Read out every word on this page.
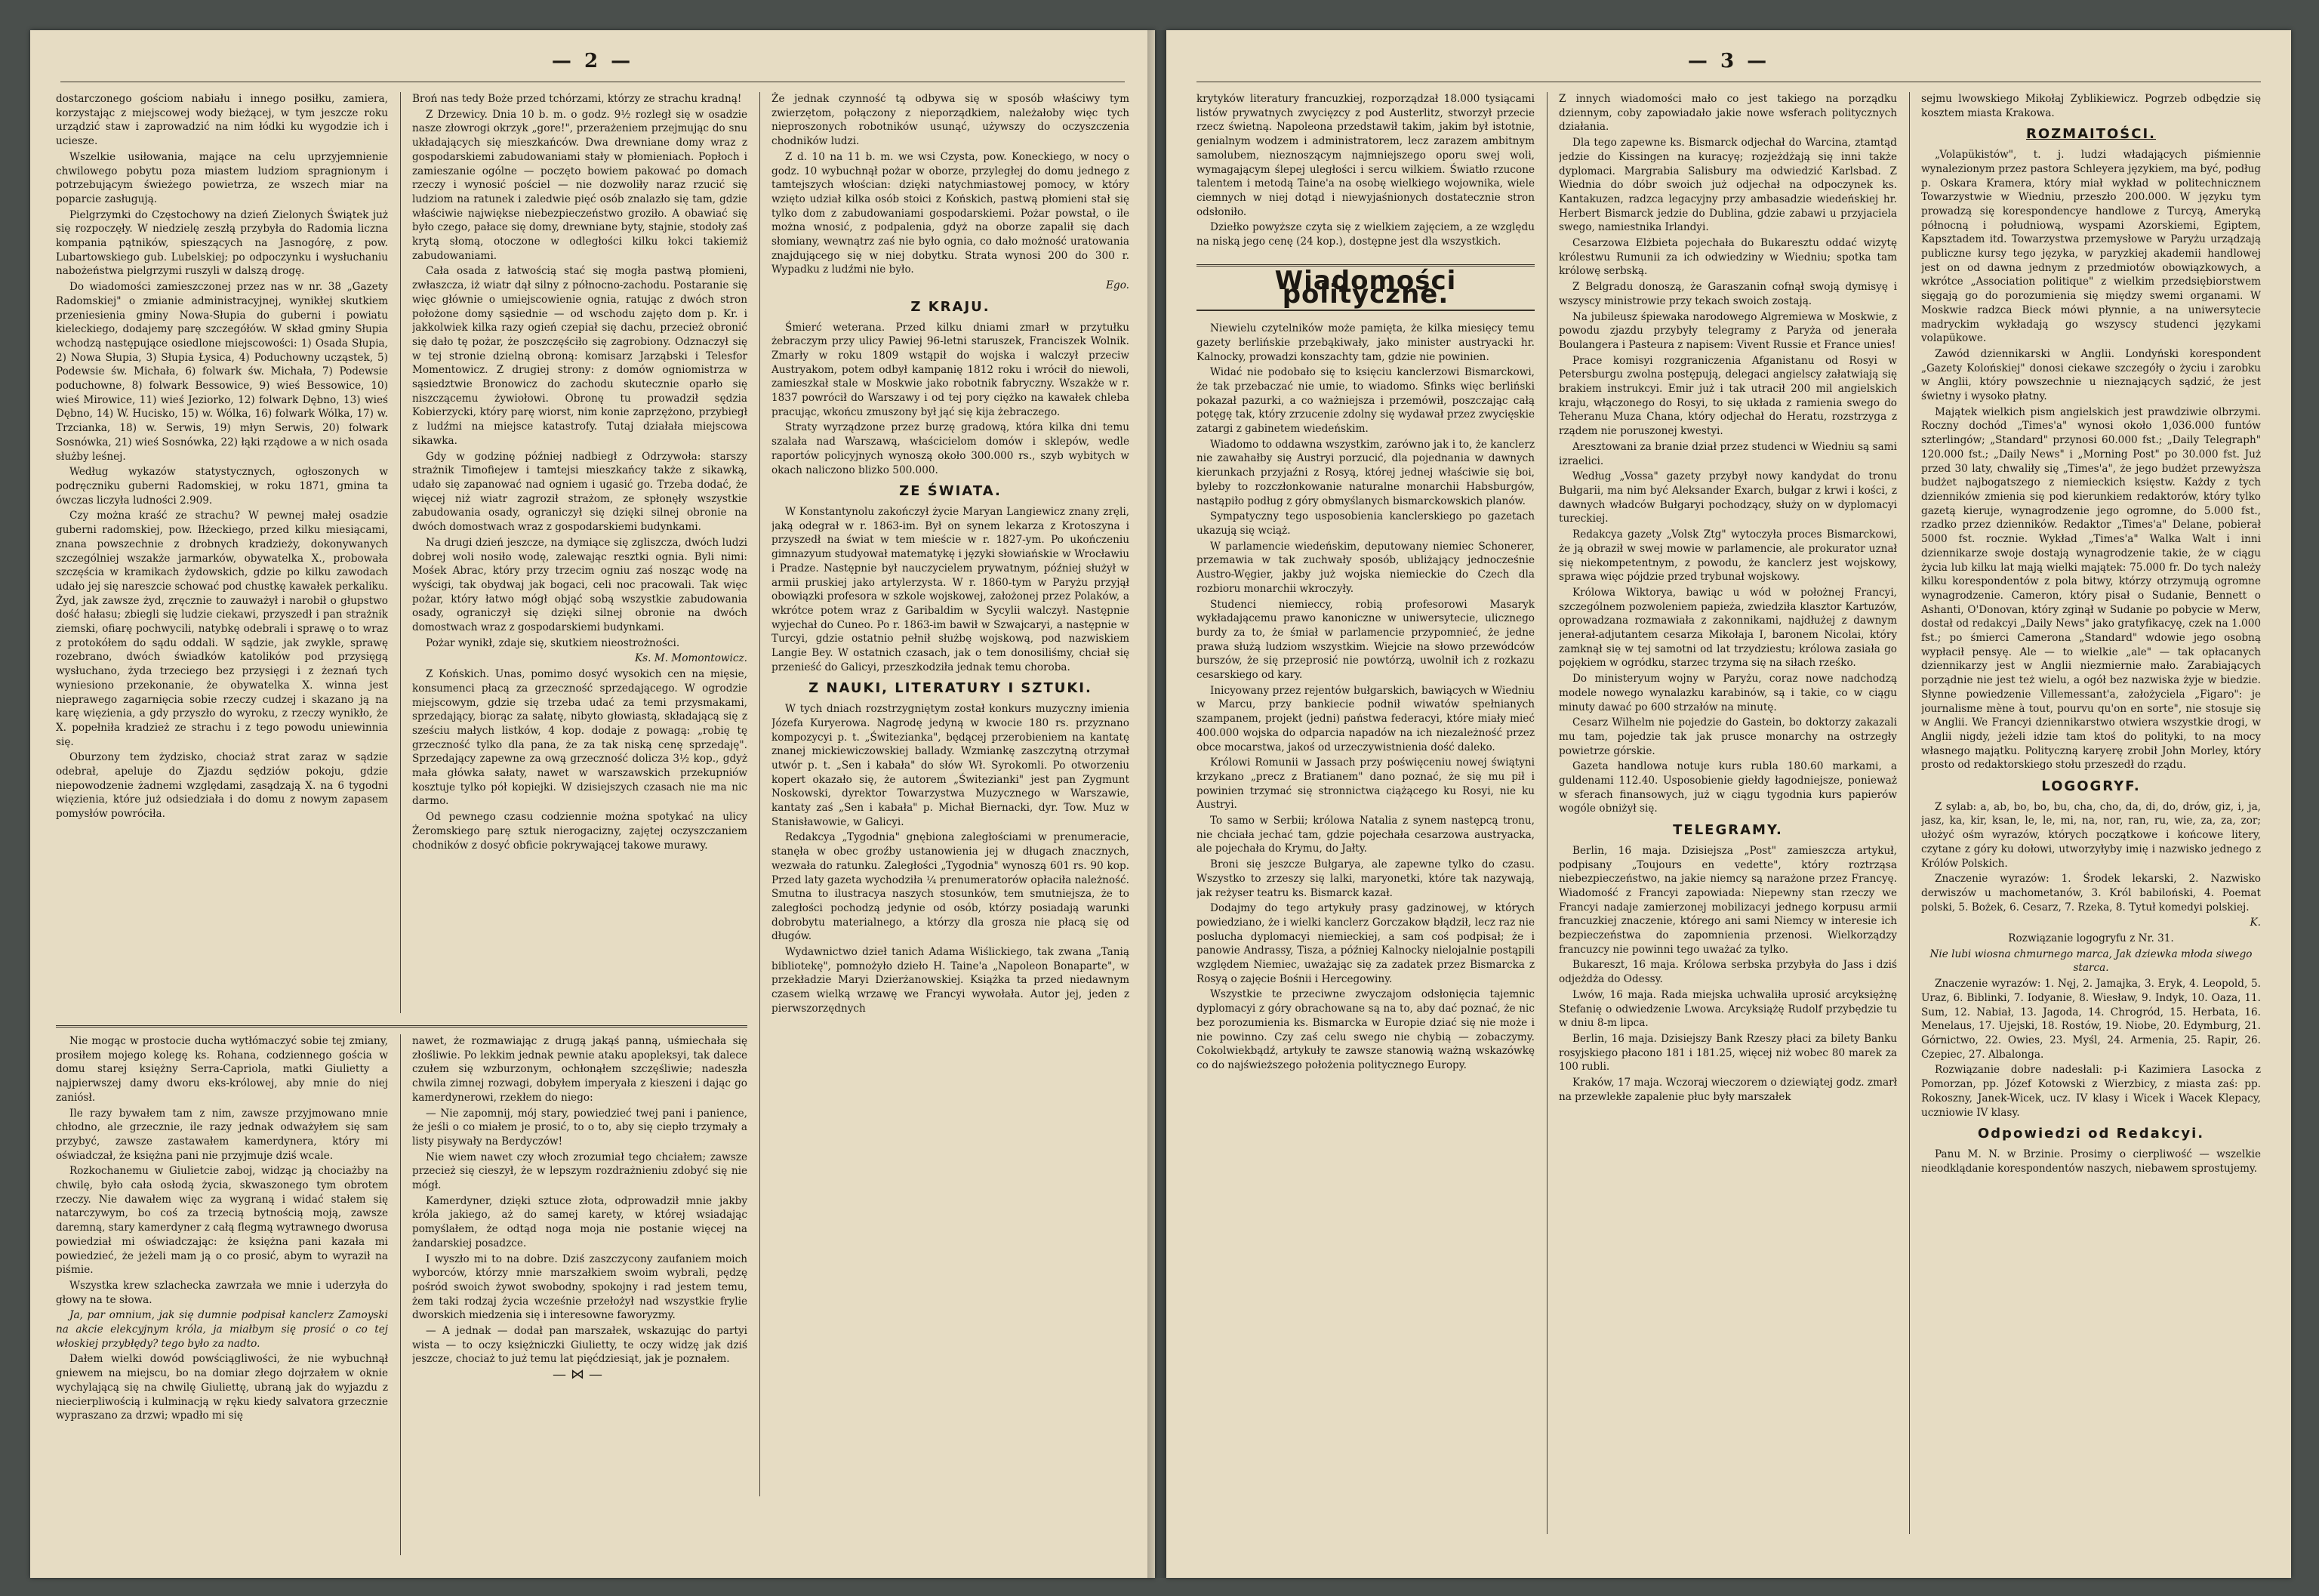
— 2 —

dostarczonego gościom nabiału i innego posiłku, zamiera, korzystając z miejscowej wody bieżącej, w tym jeszcze roku urządzić staw i zaprowadzić na nim łódki ku wygodzie ich i uciesze.

Wszelkie usiłowania, mające na celu uprzyjemnienie chwilowego pobytu poza miastem ludziom spragnionym i potrzebującym świeżego powietrza, ze wszech miar na poparcie zasługują.

Pielgrzymki do Częstochowy na dzień Zielonych Świątek już się rozpoczęły. W niedzielę zeszłą przybyła do Radomia liczna kompania pątników, spieszących na Jasnogórę, z pow. Lubartowskiego gub. Lubelskiej; po odpoczynku i wysłuchaniu nabożeństwa pielgrzymi ruszyli w dalszą drogę.

Do wiadomości zamieszczonej przez nas w nr. 38 „Gazety Radomskiej" o zmianie administracyjnej, wynikłej skutkiem przeniesienia gminy Nowa-Słupia do guberni i powiatu kieleckiego, dodajemy parę szczegółów. W skład gminy Słupia wchodzą następujące osiedlone miejscowości: 1) Osada Słupia, 2) Nowa Słupia, 3) Słupia Łysica, 4) Poduchowny ucząstek, 5) Podewsie św. Michała, 6) folwark św. Michała, 7) Podewsie poduchowne, 8) folwark Bessowice, 9) wieś Bessowice, 10) wieś Mirowice, 11) wieś Jeziorko, 12) folwark Dębno, 13) wieś Dębno, 14) W. Hucisko, 15) w. Wólka, 16) folwark Wólka, 17) w. Trzcianka, 18) w. Serwis, 19) młyn Serwis, 20) folwark Sosnówka, 21) wieś Sosnówka, 22) łąki rządowe a w nich osada służby leśnej.

Według wykazów statystycznych, ogłoszonych w podręczniku guberni Radomskiej, w roku 1871, gmina ta ówczas liczyła ludności 2.909.

Czy można kraść ze strachu? W pewnej małej osadzie guberni radomskiej, pow. Iłżeckiego, przed kilku miesiącami, znana powszechnie z drobnych kradzieży, dokonywanych szczególniej wszakże jarmarków, obywatelka X., probowała szczęścia w kramikach żydowskich, gdzie po kilku zawodach udało jej się nareszcie schować pod chustkę kawałek perkaliku. Żyd, jak zawsze żyd, zręcznie to zauważył i narobił o głupstwo dość hałasu; zbiegli się ludzie ciekawi, przyszedł i pan strażnik ziemski, ofiarę pochwycili, natybkę odebrali i sprawę o to wraz z protokółem do sądu oddali. W sądzie, jak zwykle, sprawę rozebrano, dwóch świadków katolików pod przysięgą wysłuchano, żyda trzeciego bez przysięgi i z żeznań tych wyniesiono przekonanie, że obywatelka X. winna jest nieprawego zagarnięcia sobie rzeczy cudzej i skazano ją na karę więzienia, a gdy przyszło do wyroku, z rzeczy wynikło, że X. popełniła kradzież ze strachu i z tego powodu uniewinnia się.

Oburzony tem żydzisko, chociaż strat zaraz w sądzie odebrał, apeluje do Zjazdu sędziów pokoju, gdzie niepowodzenie żadnemi względami, zasądzają X. na 6 tygodni więzienia, które już odsiedziała i do domu z nowym zapasem pomysłów powróciła.

Broń nas tedy Boże przed tchórzami, którzy ze strachu kradną!

Z Drzewicy. Dnia 10 b. m. o godz. 9½ rozległ się w osadzie nasze złowrogi okrzyk „gore!", przerażeniem przejmując do snu układających się mieszkańców. Dwa drewniane domy wraz z gospodarskiemi zabudowaniami stały w płomieniach. Popłoch i zamieszanie ogólne — poczęto bowiem pakować po domach rzeczy i wynosić pościel — nie dozwoliły naraz rzucić się ludziom na ratunek i zaledwie pięć osób znalazło się tam, gdzie właściwie najwiękse niebezpieczeństwo groziło. A obawiać się było czego, pałace się domy, drewniane byty, stajnie, stodoły zaś krytą słomą, otoczone w odległości kilku łokci takiemiż zabudowaniami.

Cała osada z łatwością stać się mogła pastwą płomieni, zwłaszcza, iż wiatr dął silny z północno-zachodu. Postaranie się więc głównie o umiejscowienie ognia, ratując z dwóch stron położone domy sąsiednie — od wschodu zajęto dom p. Kr. i jakkolwiek kilka razy ogień czepiał się dachu, przecież obronić się dało tę pożar, że poszczęściło się zagrobiony. Odznaczył się w tej stronie dzielną obroną: komisarz Jarząbski i Telesfor Momentowicz. Z drugiej strony: z domów ogniomistrza w sąsiedztwie Bronowicz do zachodu skutecznie oparło się niszczącemu żywiołowi. Obronę tu prowadził sędzia Kobierzycki, który parę wiorst, nim konie zaprzężono, przybiegł z ludźmi na miejsce katastrofy. Tutaj działała miejscowa sikawka.

Gdy w godzinę później nadbiegł z Odrzywoła: starszy strażnik Timofiejew i tamtejsi mieszkańcy także z sikawką, udało się zapanować nad ogniem i ugasić go. Trzeba dodać, że więcej niż wiatr zagroził strażom, ze spłonęły wszystkie zabudowania osady, ograniczył się dzięki silnej obronie na dwóch domostwach wraz z gospodarskiemi budynkami.

Na drugi dzień jeszcze, na dymiące się zgliszcza, dwóch ludzi dobrej woli nosiło wodę, zalewając resztki ognia. Byli nimi: Mośek Abrac, który przy trzecim ogniu zaś nosząc wodę na wyścigi, tak obydwaj jak bogaci, celi noc pracowali. Tak więc pożar, który łatwo mógł objąć sobą wszystkie zabudowania osady, ograniczył się dzięki silnej obronie na dwóch domostwach wraz z gospodarskiemi budynkami.

Pożar wynikł, zdaje się, skutkiem nieostrożności.

Ks. M. Momontowicz.

Z Końskich. Unas, pomimo dosyć wysokich cen na mięsie, konsumenci płacą za grzeczność sprzedającego. W ogrodzie miejscowym, gdzie się trzeba udać za temi przysmakami, sprzedający, biorąc za sałatę, nibyto głowiastą, składającą się z sześciu małych listków, 4 kop. dodaje z powagą: „robię tę grzeczność tylko dla pana, że za tak niską cenę sprzedaję". Sprzedający zapewne za ową grzeczność dolicza 3½ kop., gdyż mała główka sałaty, nawet w warszawskich przekupniów kosztuje tylko pół kopiejki. W dzisiejszych czasach nie ma nic darmo.

Od pewnego czasu codziennie można spotykać na ulicy Żeromskiego parę sztuk nierogacizny, zajętej oczyszczaniem chodników z dosyć obficie pokrywającej takowe murawy.

Że jednak czynność tą odbywa się w sposób właściwy tym zwierzętom, połączony z nieporządkiem, należałoby więc tych nieproszonych robotników usunąć, używszy do oczyszczenia chodników ludzi.

Z d. 10 na 11 b. m. we wsi Czysta, pow. Koneckiego, w nocy o godz. 10 wybuchnął pożar w oborze, przyległej do domu jednego z tamtejszych włościan: dzięki natychmiastowej pomocy, w który wzięto udział kilka osób stoici z Końskich, pastwą płomieni stał się tylko dom z zabudowaniami gospodarskiemi. Pożar powstał, o ile można wnosić, z podpalenia, gdyż na oborze zapalił się dach słomiany, wewnątrz zaś nie było ognia, co dało możność uratowania znajdującego się w niej dobytku. Strata wynosi 200 do 300 r. Wypadku z ludźmi nie było.

Ego.

Z KRAJU.

Śmierć weterana. Przed kilku dniami zmarł w przytułku żebraczym przy ulicy Pawiej 96-letni staruszek, Franciszek Wolnik. Zmarły w roku 1809 wstąpił do wojska i walczył przeciw Austryakom, potem odbył kampanię 1812 roku i wrócił do niewoli, zamieszkał stale w Moskwie jako robotnik fabryczny. Wszakże w r. 1837 powrócił do Warszawy i od tej pory ciężko na kawałek chleba pracując, wkońcu zmuszony był jąć się kija żebraczego.

Straty wyrządzone przez burzę gradową, która kilka dni temu szalała nad Warszawą, właścicielom domów i sklepów, wedle raportów policyjnych wynoszą około 300.000 rs., szyb wybitych w okach naliczono blizko 500.000.

ZE ŚWIATA.

W Konstantynolu zakończył życie Maryan Langiewicz znany zręli, jaką odegrał w r. 1863-im. Był on synem lekarza z Krotoszyna i przyszedł na świat w tem mieście w r. 1827-ym. Po ukończeniu gimnazyum studyował matematykę i języki słowiańskie w Wrocławiu i Pradze. Następnie był nauczycielem prywatnym, później służył w armii pruskiej jako artylerzysta. W r. 1860-tym w Paryżu przyjął obowiązki profesora w szkole wojskowej, założonej przez Polaków, a wkrótce potem wraz z Garibaldim w Sycylii walczył. Następnie wyjechał do Cuneo. Po r. 1863-im bawił w Szwajcaryi, a następnie w Turcyi, gdzie ostatnio pełnił służbę wojskową, pod nazwiskiem Langie Bey. W ostatnich czasach, jak o tem donosiliśmy, chciał się przenieść do Galicyi, przeszkodziła jednak temu choroba.

Z NAUKI, LITERATURY I SZTUKI.

W tych dniach rozstrzygniętym został konkurs muzyczny imienia Józefa Kuryerowa. Nagrodę jedyną w kwocie 180 rs. przyznano kompozycyi p. t. „Świtezianka", będącej przerobieniem na kantatę znanej mickiewiczowskiej ballady. Wzmiankę zaszczytną otrzymał utwór p. t. „Sen i kabała" do słów Wł. Syrokomli. Po otworzeniu kopert okazało się, że autorem „Świtezianki" jest pan Zygmunt Noskowski, dyrektor Towarzystwa Muzycznego w Warszawie, kantaty zaś „Sen i kabała" p. Michał Biernacki, dyr. Tow. Muz w Stanisławowie, w Galicyi.

Redakcya „Tygodnia" gnębiona zaległościami w prenumeracie, stanęła w obec groźby ustanowienia jej w długach znacznych, wezwała do ratunku. Zaległości „Tygodnia" wynoszą 601 rs. 90 kop. Przed laty gazeta wychodziła ¼ prenumeratorów opłaciła należność. Smutna to ilustracya naszych stosunków, tem smutniejsza, że to zaległości pochodzą jedynie od osób, którzy posiadają warunki dobrobytu materialnego, a którzy dla grosza nie płacą się od długów.

Wydawnictwo dzieł tanich Adama Wiślickiego, tak zwana „Tanią bibliotekę", pomnożyło dzieło H. Taine'a „Napoleon Bonaparte", w przekładzie Maryi Dzierżanowskiej. Książka ta przed niedawnym czasem wielką wrzawę we Francyi wywołała. Autor jej, jeden z pierwszorzędnych

Nie mogąc w prostocie ducha wytłómaczyć sobie tej zmiany, prosiłem mojego kolegę ks. Rohana, codziennego gościa w domu starej księżny Serra-Capriola, matki Giulietty a najpierwszej damy dworu eks-królowej, aby mnie do niej zaniósł.

Ile razy bywałem tam z nim, zawsze przyjmowano mnie chłodno, ale grzecznie, ile razy jednak odważyłem się sam przybyć, zawsze zastawałem kamerdynera, który mi oświadczał, że księżna pani nie przyjmuje dziś wcale.

Rozkochanemu w Giulietcie zaboj, widząc ją chociażby na chwilę, było cała osłodą życia, skwaszonego tym obrotem rzeczy. Nie dawałem więc za wygraną i widać stałem się natarczywym, bo coś za trzecią bytnością moją, zawsze daremną, stary kamerdyner z całą flegmą wytrawnego dworusa powiedział mi oświadczając: że księżna pani kazała mi powiedzieć, że jeżeli mam ją o co prosić, abym to wyraził na piśmie.

Wszystka krew szlachecka zawrzała we mnie i uderzyła do głowy na te słowa.

Ja, par omnium, jak się dumnie podpisał kanclerz Zamoyski na akcie elekcyjnym króla, ja miałbym się prosić o co tej włoskiej przybłędy? tego było za nadto.

Dałem wielki dowód powściągliwości, że nie wybuchnął gniewem na miejscu, bo na domiar złego dojrzałem w oknie wychylającą się na chwilę Giuliettę, ubraną jak do wyjazdu z niecierpliwością i kulminacją w ręku kiedy salvatora grzecznie wypraszano za drzwi; wpadło mi się

nawet, że rozmawiając z drugą jakąś panną, uśmiechała się złośliwie. Po lekkim jednak pewnie ataku apopleksyi, tak dalece czułem się wzburzonym, ochłonąłem szczęśliwie; nadeszła chwila zimnej rozwagi, dobyłem imperyała z kieszeni i dając go kamerdynerowi, rzekłem do niego:

— Nie zapomnij, mój stary, powiedzieć twej pani i panience, że jeśli o co miałem je prosić, to o to, aby się ciepło trzymały a listy pisywały na Berdyczów!

Nie wiem nawet czy włoch zrozumiał tego chciałem; zawsze przecież się cieszył, że w lepszym rozdrażnieniu zdobyć się nie mógł.

Kamerdyner, dzięki sztuce złota, odprowadził mnie jakby króla jakiego, aż do samej karety, w której wsiadając pomyślałem, że odtąd noga moja nie postanie więcej na żandarskiej posadzce.

I wyszło mi to na dobre. Dziś zaszczycony zaufaniem moich wyborców, którzy mnie marszałkiem swoim wybrali, pędzę pośród swoich żywot swobodny, spokojny i rad jestem temu, żem taki rodzaj życia wcześnie przełożył nad wszystkie frylie dworskich miedzenia się i interesowne faworyzmy.

— A jednak — dodał pan marszałek, wskazując do partyi wista — to oczy księżniczki Giulietty, te oczy widzę jak dziś jeszcze, chociaż to już temu lat pięćdziesiąt, jak je poznałem.

—⋈—

— 3 —

krytyków literatury francuzkiej, rozporządzał 18.000 tysiącami listów prywatnych zwycięzcy z pod Austerlitz, stworzył przecie rzecz świetną. Napoleona przedstawił takim, jakim był istotnie, genialnym wodzem i administratorem, lecz zarazem ambitnym samolubem, nieznoszącym najmniejszego oporu swej woli, wymagającym ślepej uległości i sercu wilkiem. Światło rzucone talentem i metodą Taine'a na osobę wielkiego wojownika, wiele ciemnych w niej dotąd i niewyjaśnionych dostatecznie stron odsłoniło.

Dziełko powyższe czyta się z wielkiem zajęciem, a ze względu na niską jego cenę (24 kop.), dostępne jest dla wszystkich.

Wiadomości polityczne.

Niewielu czytelników może pamięta, że kilka miesięcy temu gazety berlińskie przebąkiwały, jako minister austryacki hr. Kalnocky, prowadzi konszachty tam, gdzie nie powinien.

Widać nie podobało się to księciu kanclerzowi Bismarckowi, że tak przebaczać nie umie, to wiadomo. Sfinks więc berliński pokazał pazurki, a co ważniejsza i przemówił, poszczając całą potęgę tak, który zrzucenie zdolny się wydawał przez zwycięskie zatargi z gabinetem wiedeńskim.

Wiadomo to oddawna wszystkim, zarówno jak i to, że kanclerz nie zawahałby się Austryi porzucić, dla pojednania w dawnych kierunkach przyjaźni z Rosyą, której jednej właściwie się boi, byleby to rozczłonkowanie naturalne monarchii Habsburgów, nastąpiło podług z góry obmyślanych bismarckowskich planów.

Sympatyczny tego usposobienia kanclerskiego po gazetach ukazują się wciąż.

W parlamencie wiedeńskim, deputowany niemiec Schonerer, przemawia w tak zuchwały sposób, ubliżający jednocześnie Austro-Węgier, jakby już wojska niemieckie do Czech dla rozbioru monarchii wkroczyły.

Studenci niemieccy, robią profesorowi Masaryk wykładającemu prawo kanoniczne w uniwersytecie, ulicznego burdy za to, że śmiał w parlamencie przypomnieć, że jedne prawa służą ludziom wszystkim. Wiejcie na słowo przewódców burszów, że się przeprosić nie powtórzą, uwolnił ich z rozkazu cesarskiego od kary.

Inicyowany przez rejentów bułgarskich, bawiących w Wiedniu w Marcu, przy bankiecie podnił wiwatów spełnianych szampanem, projekt (jedni) państwa federacyi, które miały mieć 400.000 wojska do odparcia napadów na ich niezależność przez obce mocarstwa, jakoś od urzeczywistnienia dość daleko.

Królowi Romunii w Jassach przy poświęceniu nowej świątyni krzykano „precz z Bratianem" dano poznać, że się mu pił i powinien trzymać się stronnictwa ciążącego ku Rosyi, nie ku Austryi.

To samo w Serbii; królowa Natalia z synem następcą tronu, nie chciała jechać tam, gdzie pojechała cesarzowa austryacka, ale pojechała do Krymu, do Jałty.

Broni się jeszcze Bułgarya, ale zapewne tylko do czasu. Wszystko to zrzeszy się lalki, maryonetki, które tak nazywają, jak reżyser teatru ks. Bismarck kazał.

Dodajmy do tego artykuły prasy gadzinowej, w których powiedziano, że i wielki kanclerz Gorczakow błądził, lecz raz nie poslucha dyplomacyi niemieckiej, a sam coś podpisał; że i panowie Andrassy, Tisza, a później Kalnocky nielojalnie postąpili względem Niemiec, uważając się za zadatek przez Bismarcka z Rosyą o zajęcie Bośnii i Hercegowiny.

Wszystkie te przeciwne zwyczajom odsłonięcia tajemnic dyplomacyi z góry obrachowane są na to, aby dać poznać, że nic bez porozumienia ks. Bismarcka w Europie dziać się nie może i nie powinno. Czy zaś celu swego nie chybią — zobaczymy. Cokolwiekbądź, artykuły te zawsze stanowią ważną wskazówkę co do najświeższego położenia politycznego Europy.

Z innych wiadomości mało co jest takiego na porządku dziennym, coby zapowiadało jakie nowe wsferach politycznych działania.

Dla tego zapewne ks. Bismarck odjechał do Warcina, ztamtąd jedzie do Kissingen na kuracyę; rozjeżdżają się inni także dyplomaci. Margrabia Salisbury ma odwiedzić Karlsbad. Z Wiednia do dóbr swoich już odjechał na odpoczynek ks. Kantakuzen, radzca legacyjny przy ambasadzie wiedeńskiej hr. Herbert Bismarck jedzie do Dublina, gdzie zabawi u przyjaciela swego, namiestnika Irlandyi.

Cesarzowa Elżbieta pojechała do Bukaresztu oddać wizytę królestwu Rumunii za ich odwiedziny w Wiedniu; spotka tam królowę serbską.

Z Belgradu donoszą, że Garaszanin cofnął swoją dymisyę i wszyscy ministrowie przy tekach swoich zostają.

Na jubileusz śpiewaka narodowego Algremiewa w Moskwie, z powodu zjazdu przybyły telegramy z Paryża od jenerała Boulangera i Pasteura z napisem: Vivent Russie et France unies!

Prace komisyi rozgraniczenia Afganistanu od Rosyi w Petersburgu zwolna postępują, delegaci angielscy załatwiają się brakiem instrukcyi. Emir już i tak utracił 200 mil angielskich kraju, włączonego do Rosyi, to się układa z ramienia swego do Teheranu Muza Chana, który odjechał do Heratu, rozstrzyga z rządem nie poruszonej kwestyi.

Aresztowani za branie dział przez studenci w Wiedniu są sami izraelici.

Według „Vossa" gazety przybył nowy kandydat do tronu Bułgarii, ma nim być Aleksander Exarch, bułgar z krwi i kości, z dawnych władców Bułgaryi pochodzący, służy on w dyplomacyi tureckiej.

Redakcya gazety „Volsk Ztg" wytoczyła proces Bismarckowi, że ją obraził w swej mowie w parlamencie, ale prokurator uznał się niekompetentnym, z powodu, że kanclerz jest wojskowy, sprawa więc pójdzie przed trybunał wojskowy.

Królowa Wiktorya, bawiąc u wód w położnej Francyi, szczególnem pozwoleniem papieża, zwiedziła klasztor Kartuzów, oprowadzana rozmawiała z zakonnikami, najdłużej z dawnym jenerał-adjutantem cesarza Mikołaja I, baronem Nicolai, który zamknął się w tej samotni od lat trzydziestu; królowa zasiała go pojękiem w ogródku, starzec trzyma się na siłach rześko.

Do ministeryum wojny w Paryżu, coraz nowe nadchodzą modele nowego wynalazku karabinów, są i takie, co w ciągu minuty dawać po 600 strzałów na minutę.

Cesarz Wilhelm nie pojedzie do Gastein, bo doktorzy zakazali mu tam, pojedzie tak jak prusce monarchy na ostrzegły powietrze górskie.

Gazeta handlowa notuje kurs rubla 180.60 markami, a guldenami 112.40. Usposobienie giełdy łagodniejsze, ponieważ w sferach finansowych, już w ciągu tygodnia kurs papierów wogóle obniżył się.

TELEGRAMY.

Berlin, 16 maja. Dzisiejsza „Post" zamieszcza artykuł, podpisany „Toujours en vedette", który roztrząsa niebezpieczeństwo, na jakie niemcy są narażone przez Francyę. Wiadomość z Francyi zapowiada: Niepewny stan rzeczy we Francyi nadaje zamierzonej mobilizacyi jednego korpusu armii francuzkiej znaczenie, którego ani sami Niemcy w interesie ich bezpieczeństwa do zapomnienia przenosi. Wielkorządzy francuzcy nie powinni tego uważać za tylko.

Bukareszt, 16 maja. Królowa serbska przybyła do Jass i dziś odjeżdża do Odessy.

Lwów, 16 maja. Rada miejska uchwaliła uprosić arcyksiężnę Stefanię o odwiedzenie Lwowa. Arcyksiążę Rudolf przybędzie tu w dniu 8-m lipca.

Berlin, 16 maja. Dzisiejszy Bank Rzeszy płaci za bilety Banku rosyjskiego płacono 181 i 181.25, więcej niż wobec 80 marek za 100 rubli.

Kraków, 17 maja. Wczoraj wieczorem o dziewiątej godz. zmarł na przewlekłe zapalenie płuc były marszałek

sejmu lwowskiego Mikołaj Zyblikiewicz. Pogrzeb odbędzie się kosztem miasta Krakowa.

ROZMAITOŚCI.

„Volapükistów", t. j. ludzi władających piśmiennie wynalezionym przez pastora Schleyera językiem, ma być, podług p. Oskara Kramera, który miał wykład w politechnicznem Towarzystwie w Wiedniu, przeszło 200.000. W języku tym prowadzą się korespondencye handlowe z Turcyą, Ameryką północną i południową, wyspami Azorskiemi, Egiptem, Kapsztadem itd. Towarzystwa przemysłowe w Paryżu urządzają publiczne kursy tego języka, w paryzkiej akademii handlowej jest on od dawna jednym z przedmiotów obowiązkowych, a wkrótce „Association politique" z wielkim przedsiębiorstwem sięgają go do porozumienia się między swemi organami. W Moskwie radzca Bieck mówi płynnie, a na uniwersytecie madryckim wykładają go wszyscy studenci językami volapükowe.

Zawód dziennikarski w Anglii. Londyński korespondent „Gazety Kolońskiej" donosi ciekawe szczegóły o życiu i zarobku w Anglii, który powszechnie u nieznających sądzić, że jest świetny i wysoko płatny.

Majątek wielkich pism angielskich jest prawdziwie olbrzymi. Roczny dochód „Times'a" wynosi około 1,036.000 funtów szterlingów; „Standard" przynosi 60.000 fst.; „Daily Telegraph" 120.000 fst.; „Daily News" i „Morning Post" po 30.000 fst. Już przed 30 laty, chwaliły się „Times'a", że jego budżet przewyższa budżet najbogatszego z niemieckich księstw. Każdy z tych dzienników zmienia się pod kierunkiem redaktorów, który tylko gazetą kieruje, wynagrodzenie jego ogromne, do 5.000 fst., rzadko przez dzienników. Redaktor „Times'a" Delane, pobierał 5000 fst. rocznie. Wykład „Times'a" Walka Walt i inni dziennikarze swoje dostają wynagrodzenie takie, że w ciągu życia lub kilku lat mają wielki majątek: 75.000 fr. Do tych należy kilku korespondentów z pola bitwy, którzy otrzymują ogromne wynagrodzenie. Cameron, który pisał o Sudanie, Bennett o Ashanti, O'Donovan, który zginął w Sudanie po pobycie w Merw, dostał od redakcyi „Daily News" jako gratyfikacyę, czek na 1.000 fst.; po śmierci Camerona „Standard" wdowie jego osobną wypłacił pensyę. Ale — to wielkie „ale" — tak opłacanych dziennikarzy jest w Anglii niezmiernie mało. Zarabiających porządnie nie jest też wielu, a ogół bez nazwiska żyje w biedzie. Słynne powiedzenie Villemessant'a, założyciela „Figaro": je journalisme mène à tout, pourvu qu'on en sorte", nie stosuje się w Anglii. We Francyi dziennikarstwo otwiera wszystkie drogi, w Anglii nigdy, jeżeli idzie tam ktoś do polityki, to na mocy własnego majątku. Polityczną karyerę zrobił John Morley, który prosto od redaktorskiego stołu przeszedł do rządu.

LOGOGRYF.

Z sylab: a, ab, bo, bo, bu, cha, cho, da, di, do, drów, giz, i, ja, jasz, ka, kir, ksan, le, le, mi, na, nor, ran, ru, wie, za, za, zor; ułożyć ośm wyrazów, których początkowe i końcowe litery, czytane z góry ku dołowi, utworzyłyby imię i nazwisko jednego z Królów Polskich.

Znaczenie wyrazów: 1. Środek lekarski, 2. Nazwisko derwiszów u machometanów, 3. Król babiloński, 4. Poemat polski, 5. Bożek, 6. Cesarz, 7. Rzeka, 8. Tytuł komedyi polskiej.

K.

Rozwiązanie logogryfu z Nr. 31.

Nie lubi wiosna chmurnego marca, Jak dziewka młoda siwego starca.

Znaczenie wyrazów: 1. Nęj, 2. Jamajka, 3. Eryk, 4. Leopold, 5. Uraz, 6. Biblinki, 7. Iodyanie, 8. Wiesław, 9. Indyk, 10. Oaza, 11. Sum, 12. Nabiał, 13. Jagoda, 14. Chrogród, 15. Herbata, 16. Menelaus, 17. Ujejski, 18. Rostów, 19. Niobe, 20. Edymburg, 21. Górnictwo, 22. Owies, 23. Myśl, 24. Armenia, 25. Rapir, 26. Czepiec, 27. Albalonga.

Rozwiązanie dobre nadesłali: p-i Kazimiera Lasocka z Pomorzan, pp. Józef Kotowski z Wierzbicy, z miasta zaś: pp. Rokoszny, Janek-Wicek, ucz. IV klasy i Wicek i Wacek Klepacy, uczniowie IV klasy.

Odpowiedzi od Redakcyi.

Panu M. N. w Brzinie. Prosimy o cierpliwość — wszelkie nieodklądanie korespondentów naszych, niebawem sprostujemy.
